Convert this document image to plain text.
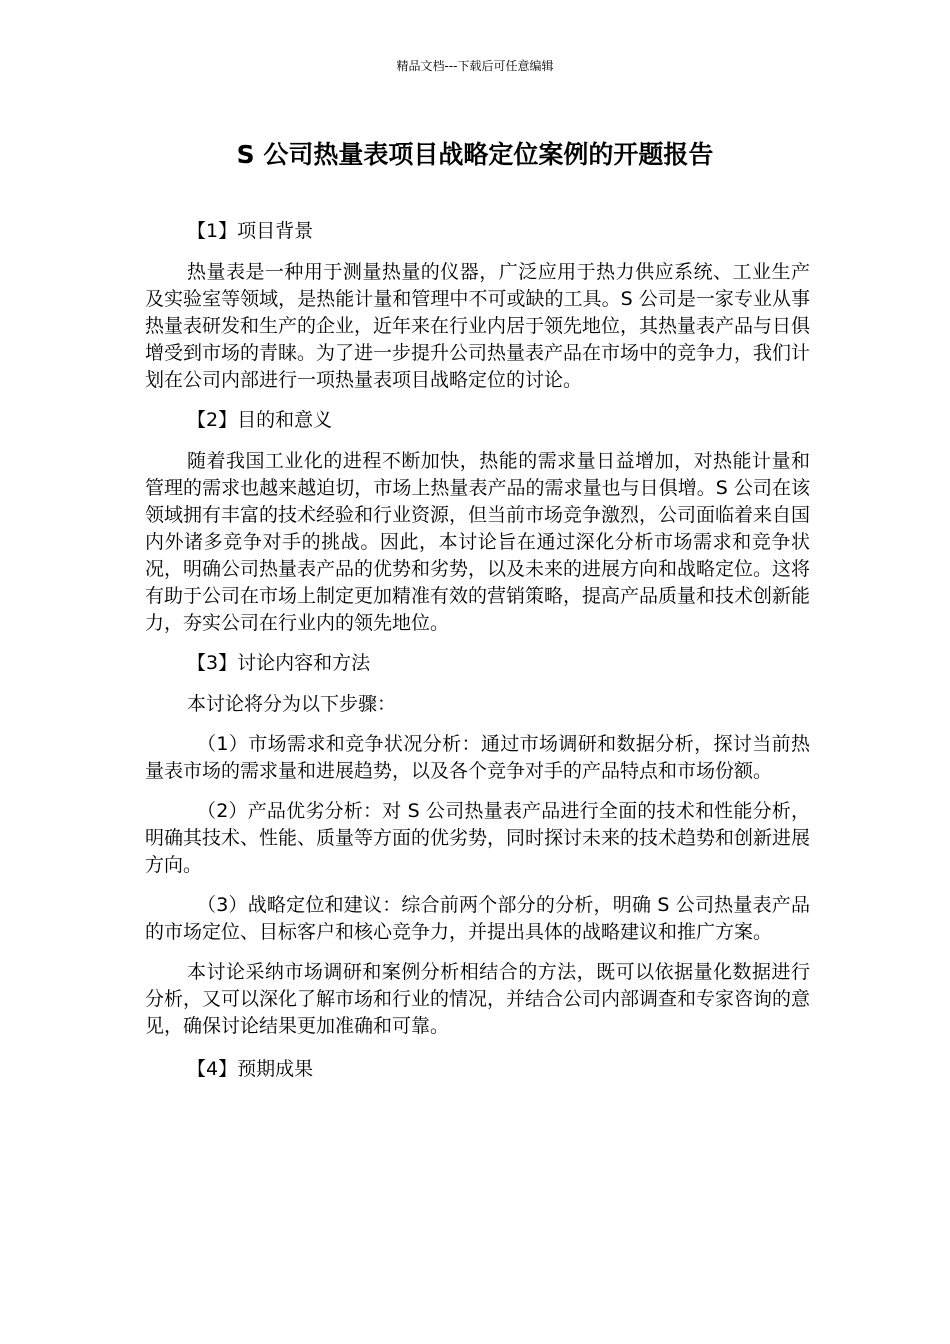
精品文档---下载后可任意编辑
S 公司热量表项目战略定位案例的开题报告
【1】项目背景

热量表是一种用于测量热量的仪器，广泛应用于热力供应系统、工业生产及实验室等领域，是热能计量和管理中不可或缺的工具。S 公司是一家专业从事热量表研发和生产的企业，近年来在行业内居于领先地位，其热量表产品与日俱增受到市场的青睐。为了进一步提升公司热量表产品在市场中的竞争力，我们计划在公司内部进行一项热量表项目战略定位的讨论。

【2】目的和意义

随着我国工业化的进程不断加快，热能的需求量日益增加，对热能计量和管理的需求也越来越迫切，市场上热量表产品的需求量也与日俱增。S 公司在该领域拥有丰富的技术经验和行业资源，但当前市场竞争激烈，公司面临着来自国内外诸多竞争对手的挑战。因此，本讨论旨在通过深化分析市场需求和竞争状况，明确公司热量表产品的优势和劣势，以及未来的进展方向和战略定位。这将有助于公司在市场上制定更加精准有效的营销策略，提高产品质量和技术创新能力，夯实公司在行业内的领先地位。

【3】讨论内容和方法

本讨论将分为以下步骤：

（1）市场需求和竞争状况分析：通过市场调研和数据分析，探讨当前热量表市场的需求量和进展趋势，以及各个竞争对手的产品特点和市场份额。

（2）产品优劣分析：对 S 公司热量表产品进行全面的技术和性能分析，明确其技术、性能、质量等方面的优劣势，同时探讨未来的技术趋势和创新进展方向。

（3）战略定位和建议：综合前两个部分的分析，明确 S 公司热量表产品的市场定位、目标客户和核心竞争力，并提出具体的战略建议和推广方案。

本讨论采纳市场调研和案例分析相结合的方法，既可以依据量化数据进行分析，又可以深化了解市场和行业的情况，并结合公司内部调查和专家咨询的意见，确保讨论结果更加准确和可靠。

【4】预期成果
